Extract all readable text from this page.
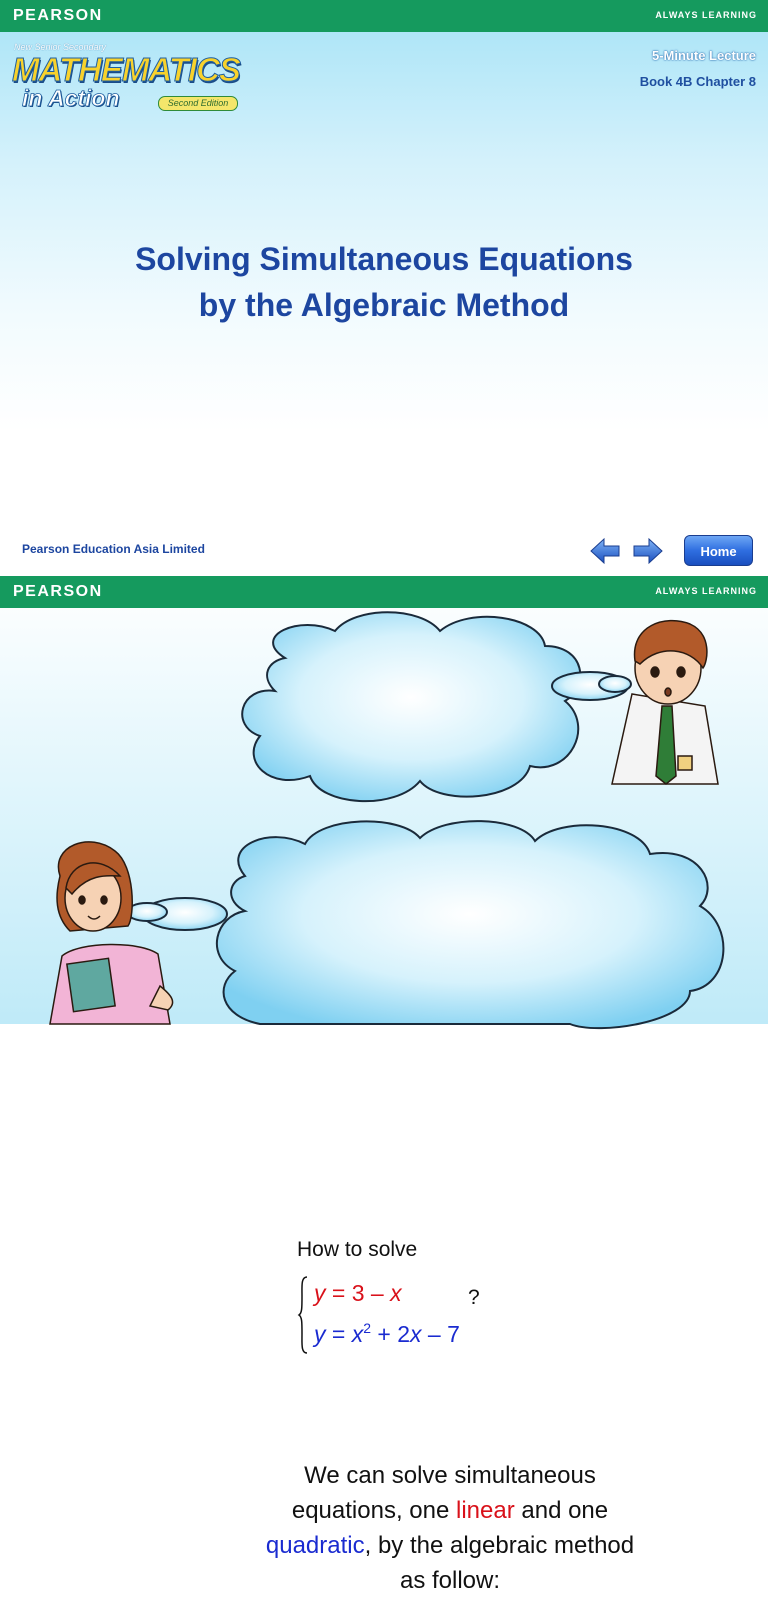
PEARSON	ALWAYS LEARNING
New Senior Secondary
MATHEMATICS
in Action	Second Edition
5-Minute Lecture
Book 4B Chapter 8
Solving Simultaneous Equations
by the Algebraic Method
Pearson Education Asia Limited	Home
PEARSON	ALWAYS LEARNING
How to solve
y = 3 – x	?
$y = x^2 + 2x - 7$
We can solve simultaneous equations, one linear and one quadratic, by the algebraic method as follow:
